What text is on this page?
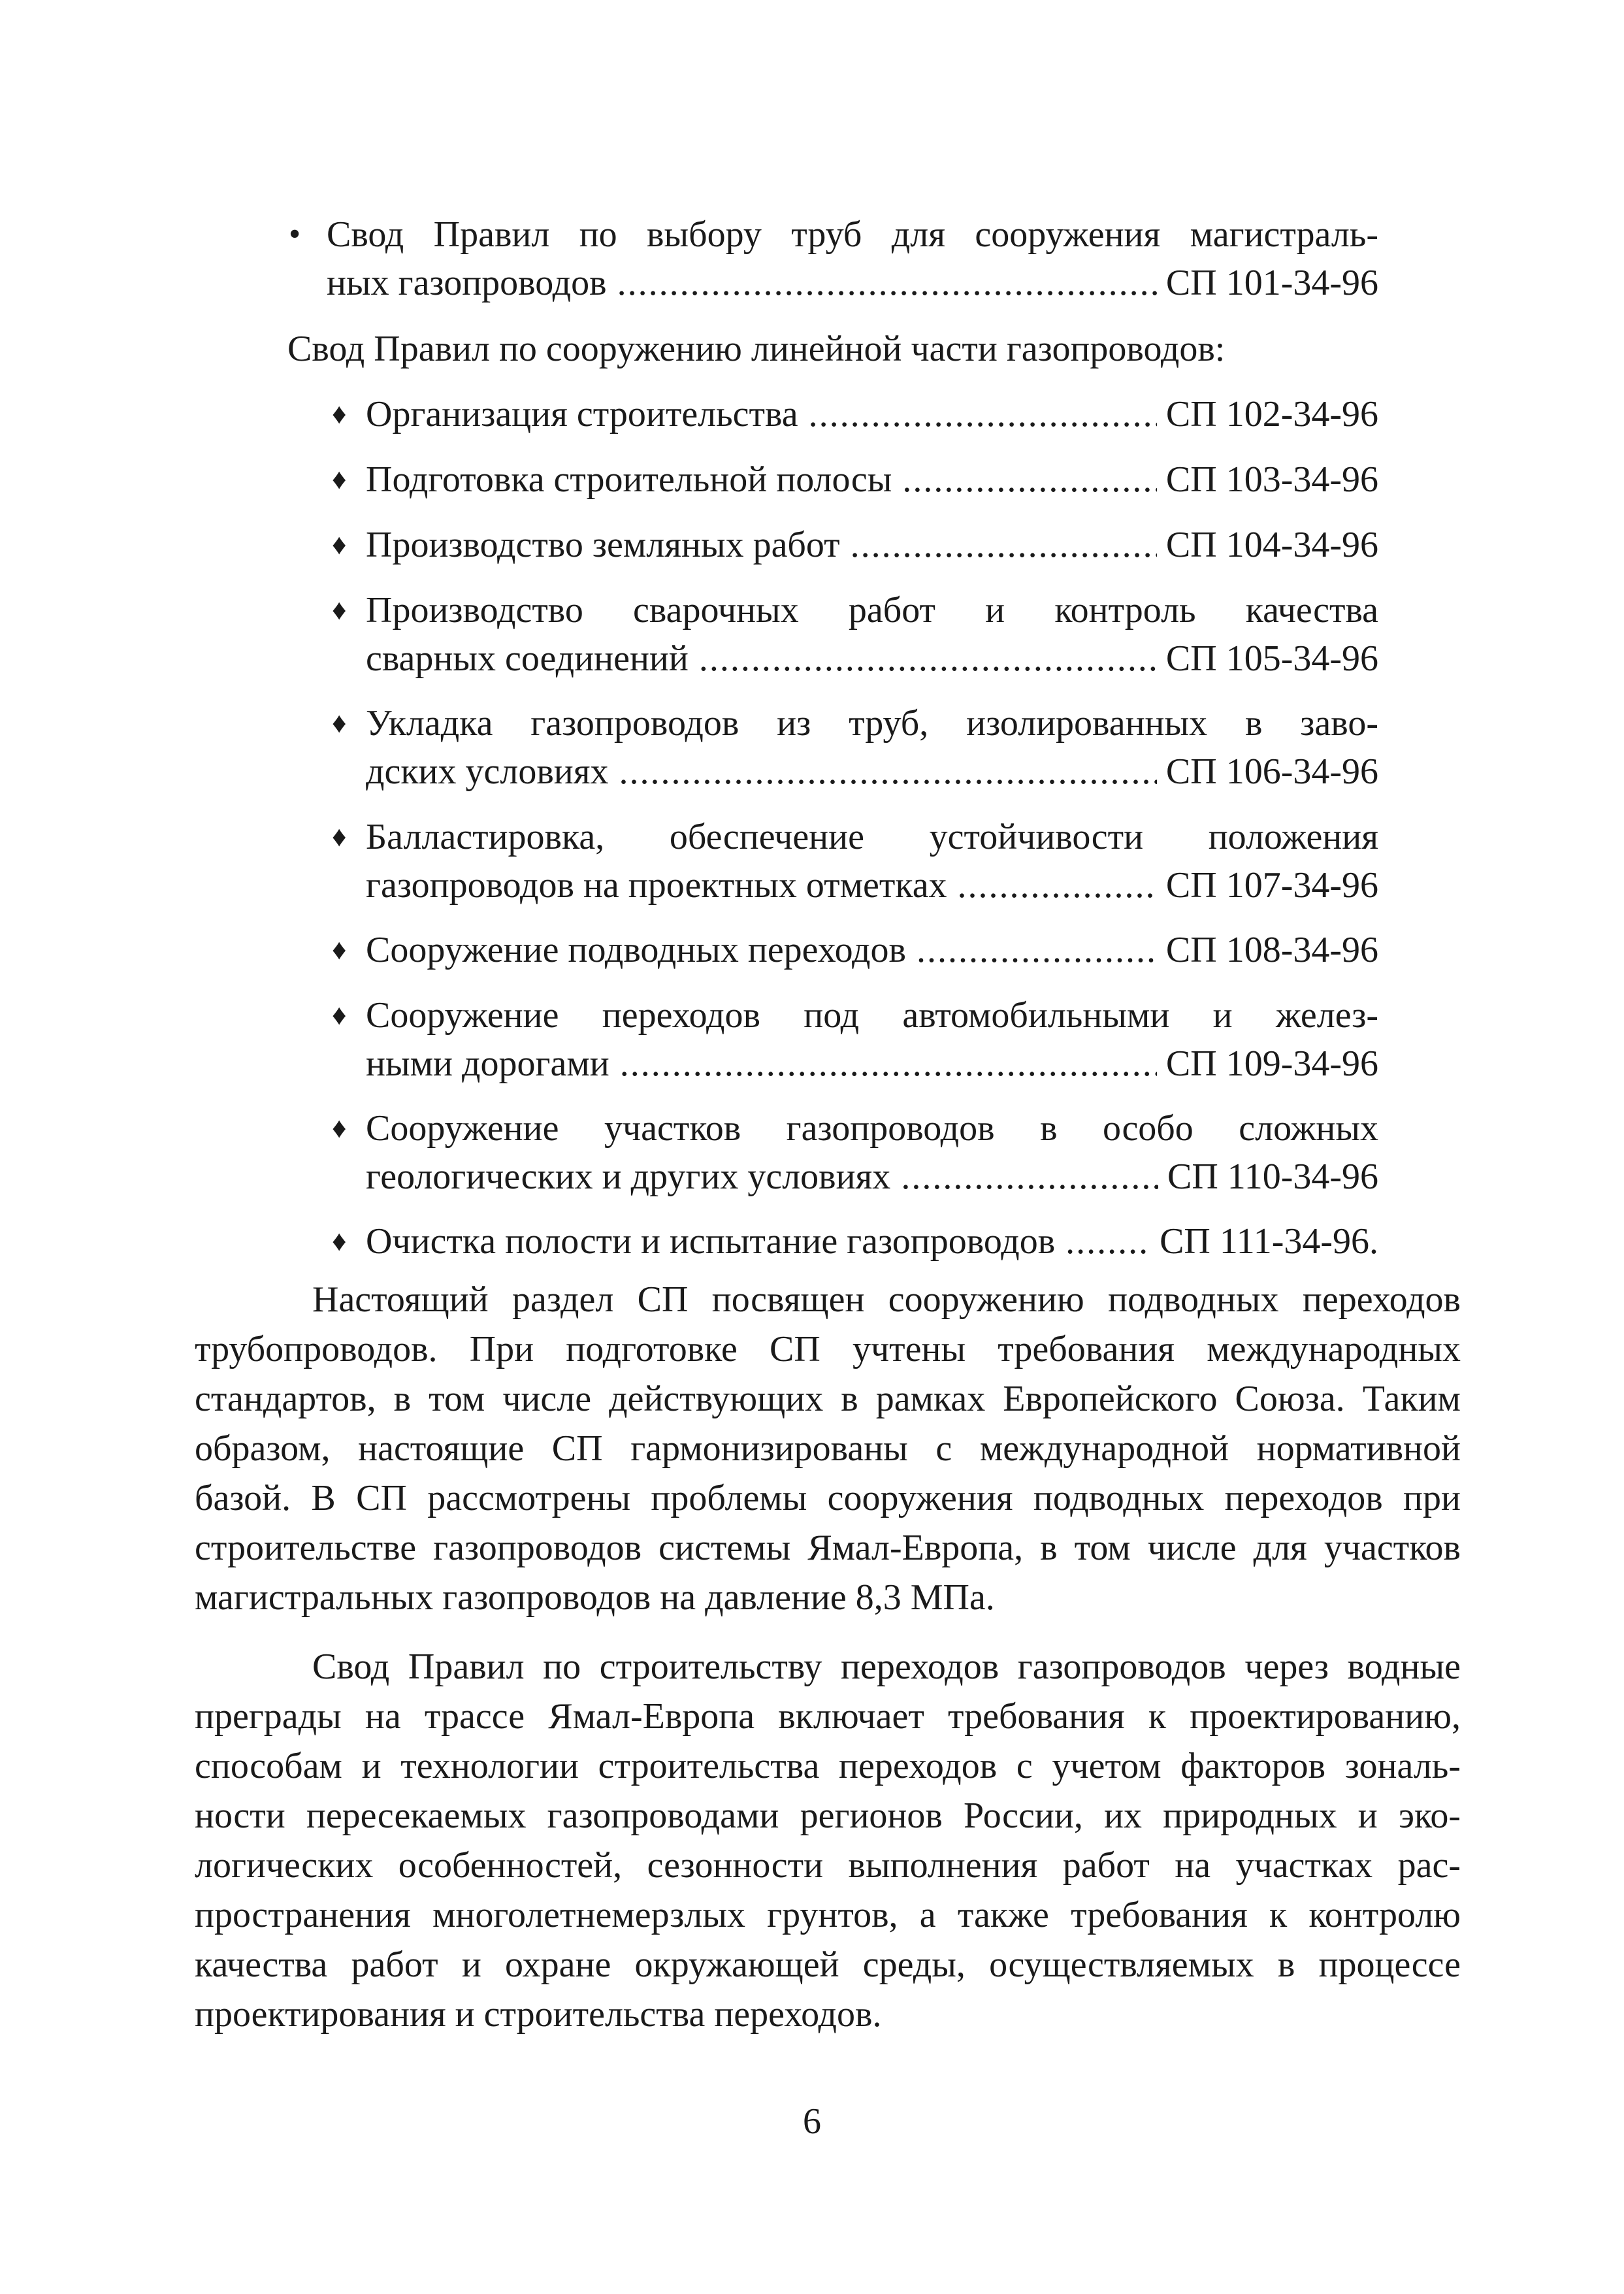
• Свод Правил по выбору труб для сооружения магистраль-
ных газопроводов . . .	СП 101-34-96
Свод Правил по сооружению линейной части газопроводов:
♦ Организация строительства . . .	СП 102-34-96
♦ Подготовка строительной полосы . . .	СП 103-34-96
♦ Производство земляных работ . . .	СП 104-34-96
♦ Производство сварочных работ и контроль качества
сварных соединений . . .	СП 105-34-96
♦ Укладка газопроводов из труб, изолированных в заво-
дских условиях . . .	СП 106-34-96
♦ Балластировка, обеспечение устойчивости положения
газопроводов на проектных отметках . . .	СП 107-34-96
♦ Сооружение подводных переходов . . .	СП 108-34-96
♦ Сооружение переходов под автомобильными и желез-
ными дорогами . . .	СП 109-34-96
♦ Сооружение участков газопроводов в особо сложных
геологических и других условиях . . .	СП 110-34-96
♦ Очистка полости и испытание газопроводов . . .	СП 111-34-96.
Настоящий раздел СП посвящен сооружению подводных переходов
трубопроводов. При подготовке СП учтены требования международных
стандартов, в том числе действующих в рамках Европейского Союза. Таким
образом, настоящие СП гармонизированы с международной нормативной
базой. В СП рассмотрены проблемы сооружения подводных переходов при
строительстве газопроводов системы Ямал-Европа, в том числе для участков
магистральных газопроводов на давление 8,3 МПа.
Свод Правил по строительству переходов газопроводов через водные
преграды на трассе Ямал-Европа включает требования к проектированию,
способам и технологии строительства переходов с учетом факторов зональ-
ности пересекаемых газопроводами регионов России, их природных и эко-
логических особенностей, сезонности выполнения работ на участках рас-
пространения многолетнемерзлых грунтов, а также требования к контролю
качества работ и охране окружающей среды, осуществляемых в процессе
проектирования и строительства переходов.
6
